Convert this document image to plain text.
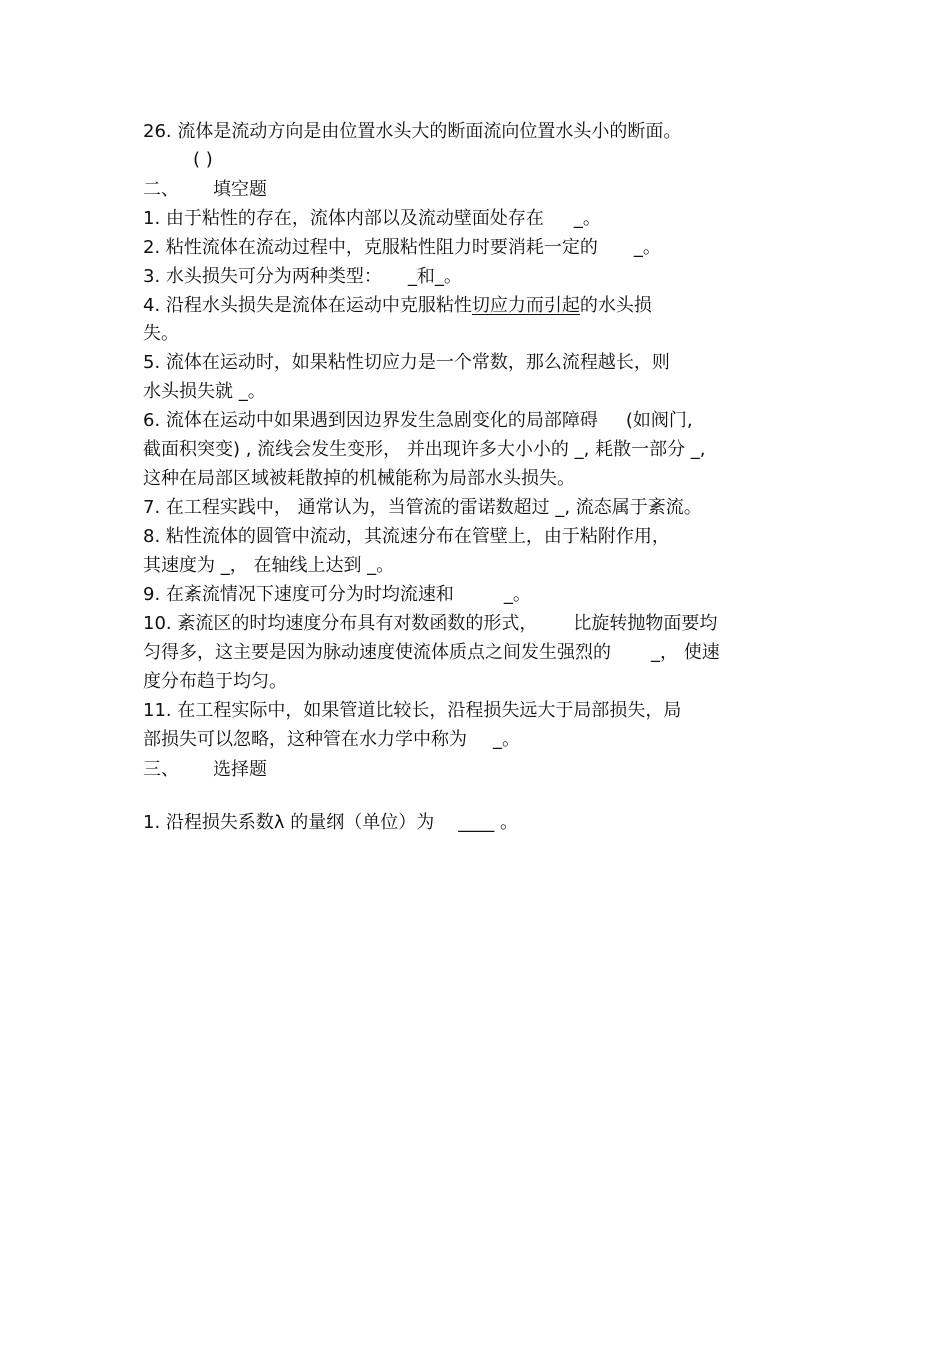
26. 流体是流动方向是由位置水头大的断面流向位置水头小的断面。
( )
二、 填空题
1. 由于粘性的存在，流体内部以及流动壁面处存在 _。
2. 粘性流体在流动过程中，克服粘性阻力时要消耗一定的 _。
3. 水头损失可分为两种类型： _和_。
4. 沿程水头损失是流体在运动中克服粘性切应力而引起的水头损
失。
5. 流体在运动时，如果粘性切应力是一个常数，那么流程越长，则
水头损失就 _。
6. 流体在运动中如果遇到因边界发生急剧变化的局部障碍 (如阀门,
截面积突变) , 流线会发生变形， 并出现许多大小小的 _, 耗散一部分 _,
这种在局部区域被耗散掉的机械能称为局部水头损失。
7. 在工程实践中， 通常认为，当管流的雷诺数超过 _, 流态属于紊流。
8. 粘性流体的圆管中流动，其流速分布在管壁上，由于粘附作用，
其速度为 _， 在轴线上达到 _。
9. 在紊流情况下速度可分为时均流速和	_。
10. 紊流区的时均速度分布具有对数函数的形式， 比旋转抛物面要均
匀得多，这主要是因为脉动速度使流体质点之间发生强烈的 _， 使速
度分布趋于均匀。
11. 在工程实际中，如果管道比较长，沿程损失远大于局部损失，局
部损失可以忽略，这种管在水力学中称为 _。
三、 选择题
1. 沿程损失系数λ 的量纲（单位）为 ____ 。
